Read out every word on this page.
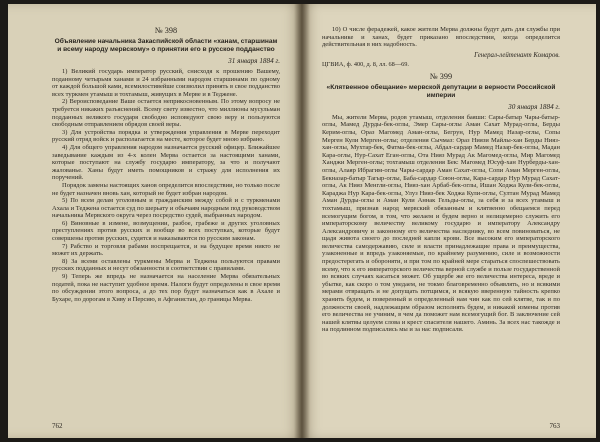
№ 398
Объявление начальника Закаспийской области «ханам, старшинам и всему народу мервскому» о принятии его в русское подданство
31 января 1884 г.

1) Великий государь император русский, снисходя к прошению Вашему, поданному четырьмя ханами и 24 избранными народом старшинами по одному от каждой большой ками, всемилостивейше соизволил принять в свое подданство всех туркмен утамыш и тохтамыш, живущих в Мерве и в Теджене.

2) Вероисповедание Ваше остается неприкосновенным. По этому вопросу не требуется никаких разъяснений. Всему свету известно, что миллионы мусульман подданных великого государя свободно исповедуют свою веру и пользуются свободным отправлением обрядов своей веры.

3) Для устройства порядка и утверждения управления в Мерве переходит русский отряд войск и располагается на месте, которое будет мною избрано.

4) Для общего управления народом назначается русский офицер. Ближайшее заведывание каждым из 4-х колен Мерва остается за настоящими ханами, которые поступают на службу государю императору, за что и получают жалованье. Ханы будут иметь помощников и стражу для исполнения их поручений.

Порядок замены настоящих ханов определится впоследствии, но только после не будет назначен вновь хан, который не будет избран народом.

5) По всем делам уголовным и гражданским между собой и с туркменами Ахала и Теджена остается суд по шерьату и обычаям народным под руководством начальника Мервского округа через посредство судей, выбранных народом.

6) Виновные в измене, возмущении, разбое, грабеже и других уголовных преступлениях против русских и вообще во всех поступках, которые будут совершены против русских, судятся и наказываются по русским законам.

7) Рабство и торговля рабами воспрещается, и на будущее время никто не может их держать.

8) За всеми оставлены туркмены Мерва и Теджена пользуются правами русских подданных и несут обязанности в соответствии с правилами.

9) Теперь же впредь не назначается на население Мерва обязательных податей, пока не наступит удобное время. Налоги будут определены в свое время по обсуждении этого вопроса, а до тех пор будут назначаться как в Ахале и Бухаре, по дорогам в Хиву и Персию, в Афганистан, до границы Мерва.

762

10) О числе ферадежей, какое жители Мерва должны будут дать для службы при начальнике и ханах, будет приказано впоследствии, когда определится действительная в них надобность.

Генерал-лейтенант Комаров.
ЦГВИА, ф. 400, д. 8, лл. 68—69.
№ 399
«Клятвенное обещание» мервской депутации в верности Российской империи
30 января 1884 г.

Мы, жители Мерва, родов утамыш, отделения баяши: Сары-батыр Чары-батыр-оглы, Мамед Дурды-бек-оглы, Эмер Сары-оглы Аман Сахат Мурад-оглы, Берды Керим-оглы, Ораз Магомед Аман-оглы, Бегрун, Нур Мамед Назар-оглы, Сопы Мерген Кули Мерген-оглы; отделения Сычмаз: Ораз Ниязи Майлы-хан Берды Нияз-хан-оглы, Мухтар-бек, Фатма-бек-оглы, Абдал-сардар Мамед Назар-бек-оглы, Мадан Кара-оглы, Нур-Сахат Еган-оглы, Ота Нияз Мурад Ак Магомед-оглы, Мир Магомед Ханджи Мерген-оглы; тохтамыш отделения Бек: Магомед Юсуф-хан Нурберды-хан-оглы, Алаяр Ибрагим-оглы Чары-сардар Аман Сахат-оглы, Сопи Аман Мерген-оглы, Бекназар-батыр Тагыр-оглы, Баба-сардар Союн-оглы, Кара-сардар Нур Мурад Сахат-оглы, Ак Нияз Менгли-оглы, Нияз-хан Арбаб-бек-оглы, Ишан Ходжа Кули-бек-оглы, Караджа Нур Кара-бек-оглы, Улуз Нияз-бек Ходжа Кули-оглы, Султан Мурад Мамед Аман Дурды-оглы и Аман Кули Аннак Гельды-оглы, за себя и за всех утамыш и тохтамыш, признав народ мервский обязанным и клятвенно обещаемся перед всемогущим богом, в том, что желаем и будем верно и нелицемерно служить его императорскому величеству великому государю и императору Александру Александровичу и законному его величества наследнику, во всем повиноваться, не щадя живота своего до последней капли крови. Все высоким его императорского величества самодержавию, силе и власти принадлежащие права и преимущества, узаконенные и впредь узаконяемые, по крайнему разумению, силе и возможности предостерегать и обороняти, и при том по крайней мере стараться споспешествовать всему, что к его императорского величества верной службе и пользе государственной во всяких случаях касаться может. Об ущербе же его величества интереса, вреде и убытке, как скоро о том уведаем, не токмо благовременно объявлять, но и всякими мерами отвращать и не допущать потщимся, и всякую вверенную тайность крепко хранить будем, и поверенный и определенный нам чин как по сей клятве, так и по должности своей, надлежащим образом исполнять будем, и никакой измены против его величества не учиним, в чем да поможет нам всемогущий бог. В заключение сей нашей клятвы целуем слова и крест спасителя нашего. Аминь. За всех нас такожде и на подлинном подписались мы и за нас подписали.

763
